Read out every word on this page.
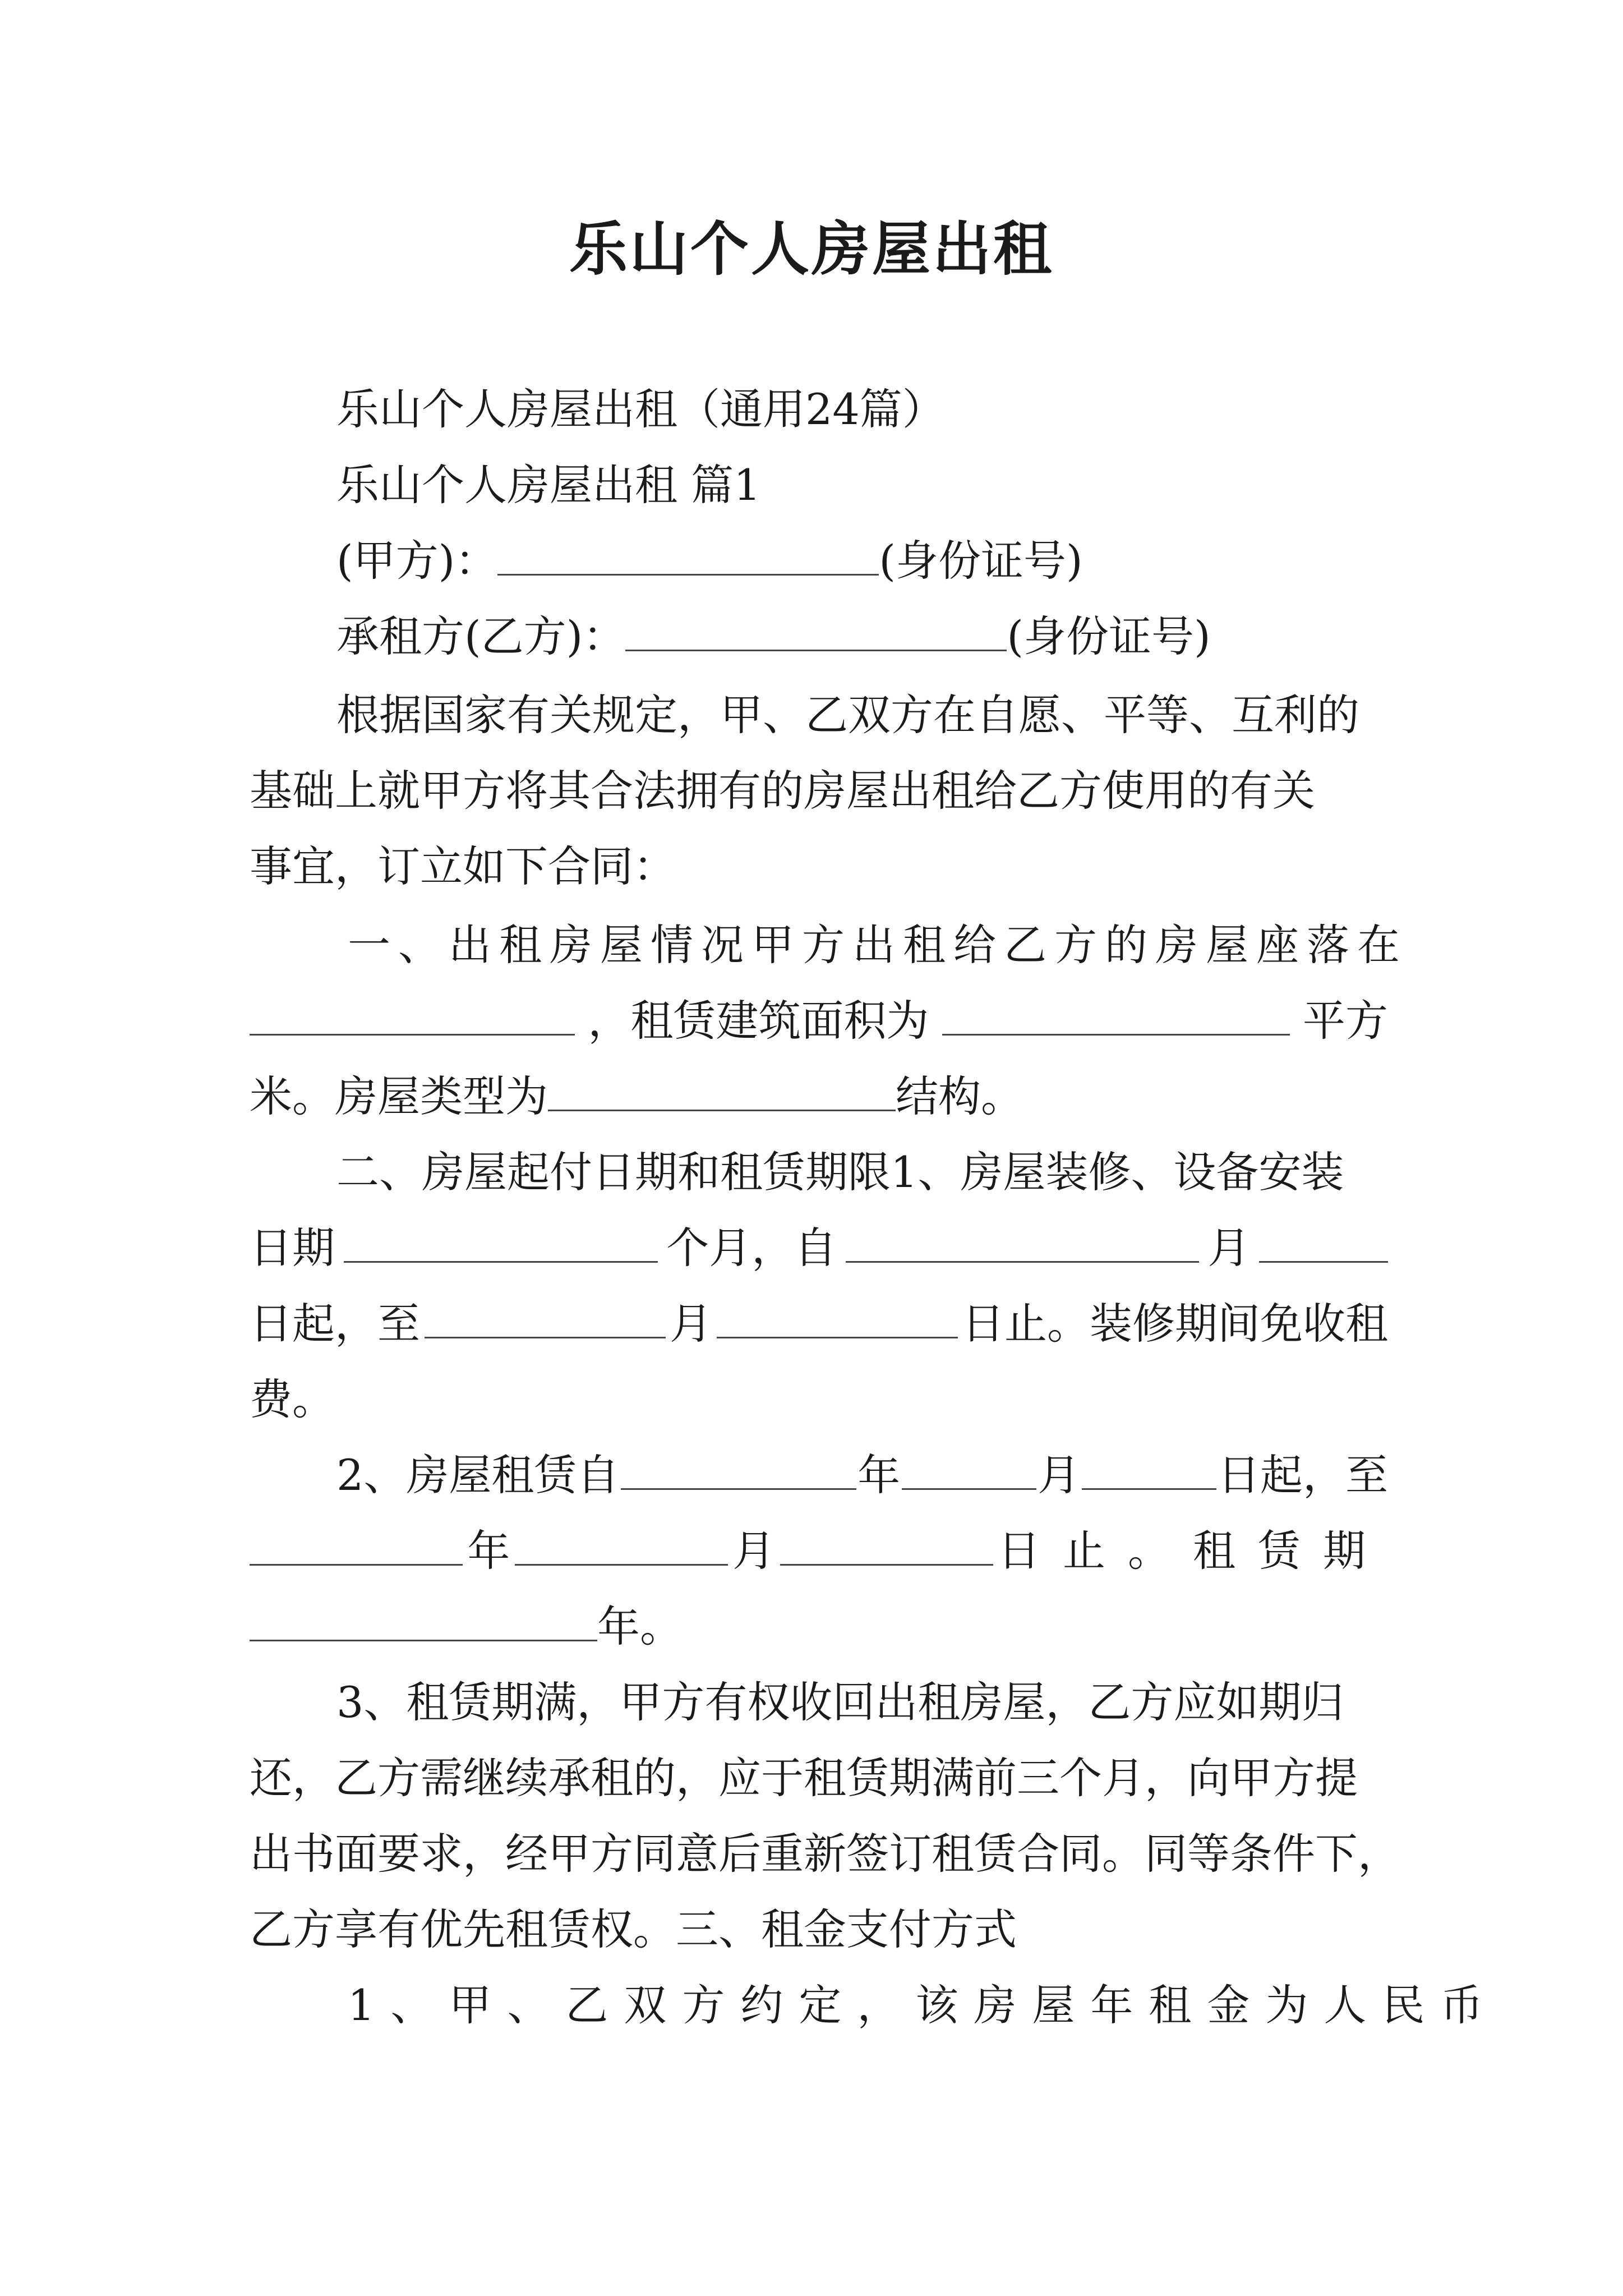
乐山个人房屋出租
乐山个人房屋出租（通用24篇）
乐山个人房屋出租 篇1
(甲方)：	(身份证号)
承租方(乙方)：	(身份证号)
根据国家有关规定，甲、乙双方在自愿、平等、互利的
基础上就甲方将其合法拥有的房屋出租给乙方使用的有关
事宜，订立如下合同：
一、出租房屋情况甲方出租给乙方的房屋座落在
，租赁建筑面积为	平方
米。房屋类型为	结构。
二、房屋起付日期和租赁期限1、房屋装修、设备安装
日期	个月，自	月
日起，至	月	日止。装修期间免收租
费。
2、房屋租赁自	年	月	日起，至
年	月	日止。租赁期
年。
3、租赁期满，甲方有权收回出租房屋，乙方应如期归
还，乙方需继续承租的，应于租赁期满前三个月，向甲方提
出书面要求，经甲方同意后重新签订租赁合同。同等条件下，
乙方享有优先租赁权。三、租金支付方式
1、甲、乙双方约定，该房屋年租金为人民币
